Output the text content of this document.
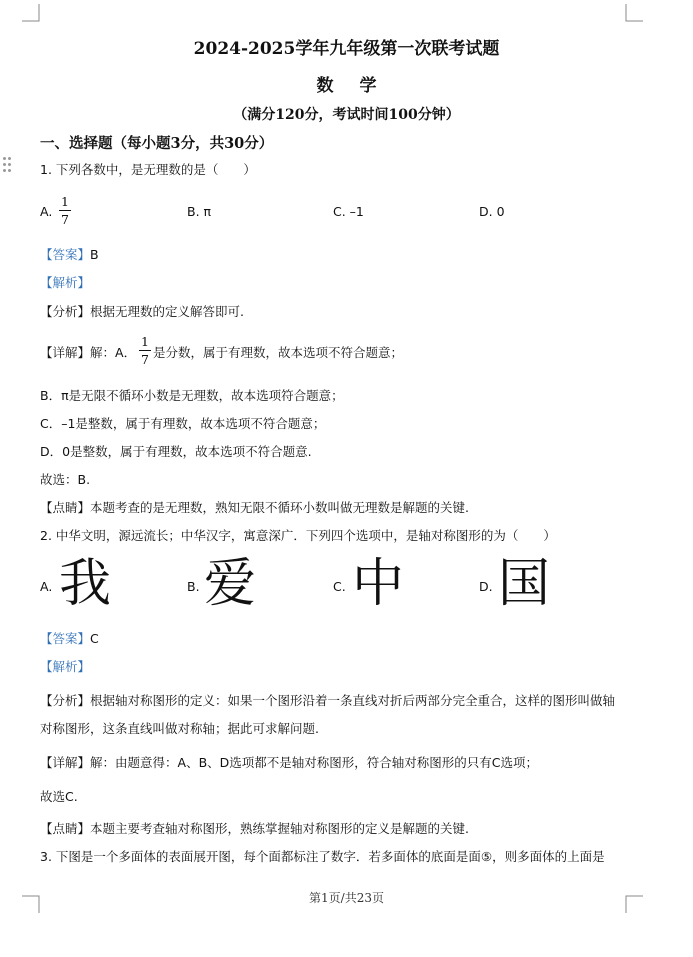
2024-2025学年九年级第一次联考试题
数学
（满分120分，考试时间100分钟）
一、选择题（每小题3分，共30分）
1. 下列各数中，是无理数的是（　　）
A.
1
7
B. π	C. –1	D. 0
【答案】B
【解析】
【分析】根据无理数的定义解答即可.
【详解】解：A．
1
7 是分数，属于有理数，故本选项不符合题意；
B．π是无限不循环小数是无理数，故本选项符合题意；
C．–1是整数，属于有理数，故本选项不符合题意；
D．0是整数，属于有理数，故本选项不符合题意.
故选：B.
【点睛】本题考查的是无理数，熟知无限不循环小数叫做无理数是解题的关键.
2. 中华文明，源远流长；中华汉字，寓意深广．下列四个选项中，是轴对称图形的为（　　）
A. 我	B. 爱	C. 中	D. 国
【答案】C
【解析】
【分析】根据轴对称图形的定义：如果一个图形沿着一条直线对折后两部分完全重合，这样的图形叫做轴
对称图形，这条直线叫做对称轴；据此可求解问题.
【详解】解：由题意得：A、B、D选项都不是轴对称图形，符合轴对称图形的只有C选项；
故选C.
【点睛】本题主要考查轴对称图形，熟练掌握轴对称图形的定义是解题的关键.
3. 下图是一个多面体的表面展开图，每个面都标注了数字．若多面体的底面是面⑤，则多面体的上面是
第1页/共23页
